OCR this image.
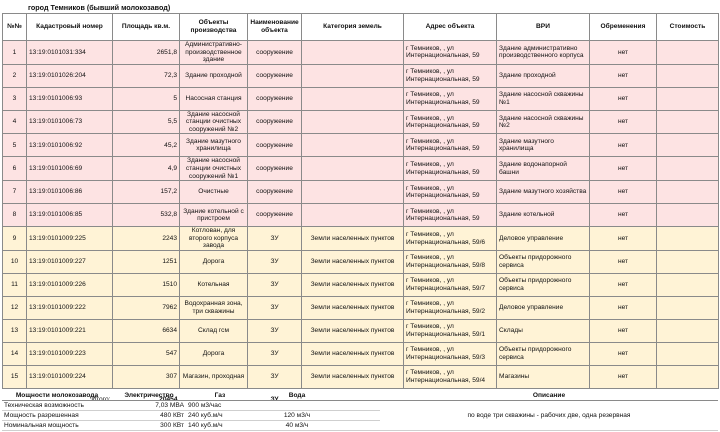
город Темников (бывший молокозавод)
№№	Кадастровый номер	Площадь кв.м.	Объекты производства	Наименование объекта	Категория земель	Адрес объекта	ВРИ	Обременения	Стоимость
1	13:19:0101031:334	2651,8	Административно-производственное здание	сооружение		г Темников, , ул Интернациональная, 59	Здание административно производственного корпуса	нет	
2	13:19:0101026:204	72,3	Здание проходной	сооружение		г Темников, , ул Интернациональная, 59	Здание проходной	нет	
3	13:19:0101006:93	5	Насосная станция	сооружение		г Темников, , ул Интернациональная, 59	Здание насосной скважины №1	нет	
4	13:19:0101006:73	5,5	Здание насосной станции очистных сооружений №2	сооружение		г Темников, , ул Интернациональная, 59	Здание насосной скважины №2	нет	
5	13:19:0101006:92	45,2	Здание мазутного хранилища	сооружение		г Темников, , ул Интернациональная, 59	Здание мазутного хранилища	нет	
6	13:19:0101006:69	4,9	Здание насосной станции очистных сооружений №1	сооружение		г Темников, , ул Интернациональная, 59	Здание водонапорной башни	нет	
7	13:19:0101006:86	157,2	Очистные	сооружение		г Темников, , ул Интернациональная, 59	Здание мазутного хозяйства	нет	
8	13:19:0101006:85	532,8	Здание котельной с пристроем	сооружение		г Темников, , ул Интернациональная, 59	Здание котельной	нет	
9	13:19:0101009:225	2243	Котлован, для второго корпуса завода	ЗУ	Земли населенных пунктов	г Темников, , ул Интернациональная, 59/6	Деловое управление	нет	
10	13:19:0101009:227	1251	Дорога	ЗУ	Земли населенных пунктов	г Темников, , ул Интернациональная, 59/8	Объекты придорожного сервиса	нет	
11	13:19:0101009:226	1510	Котельная	ЗУ	Земли населенных пунктов	г Темников, , ул Интернациональная, 59/7	Объекты придорожного сервиса	нет	
12	13:19:0101009:222	7962	Водохранная зона, три скважины	ЗУ	Земли населенных пунктов	г Темников, , ул Интернациональная, 59/2	Деловое управление	нет	
13	13:19:0101009:221	6634	Склад гсм	ЗУ	Земли населенных пунктов	г Темников, , ул Интернациональная, 59/1	Склады	нет	
14	13:19:0101009:223	547	Дорога	ЗУ	Земли населенных пунктов	г Темников, , ул Интернациональная, 59/3	Объекты придорожного сервиса	нет	
15	13:19:0101009:224	307	Магазин, проходная	ЗУ	Земли населенных пунктов	г Темников, , ул Интернациональная, 59/4	Магазины	нет	
	Итого:	20454		ЗУ					
Мощности молокозавода	Электричество	Газ	Вода		Описание
Техническая возможность	7,03 МВА	900 м3/час			по воде три скважины - рабочих две, одна резервная
Мощность разрешенная	480 КВт	240 куб.м/ч	120 м3/ч		
Номинальная мощность	300 КВт	140 куб.м/ч	40 м3/ч		
